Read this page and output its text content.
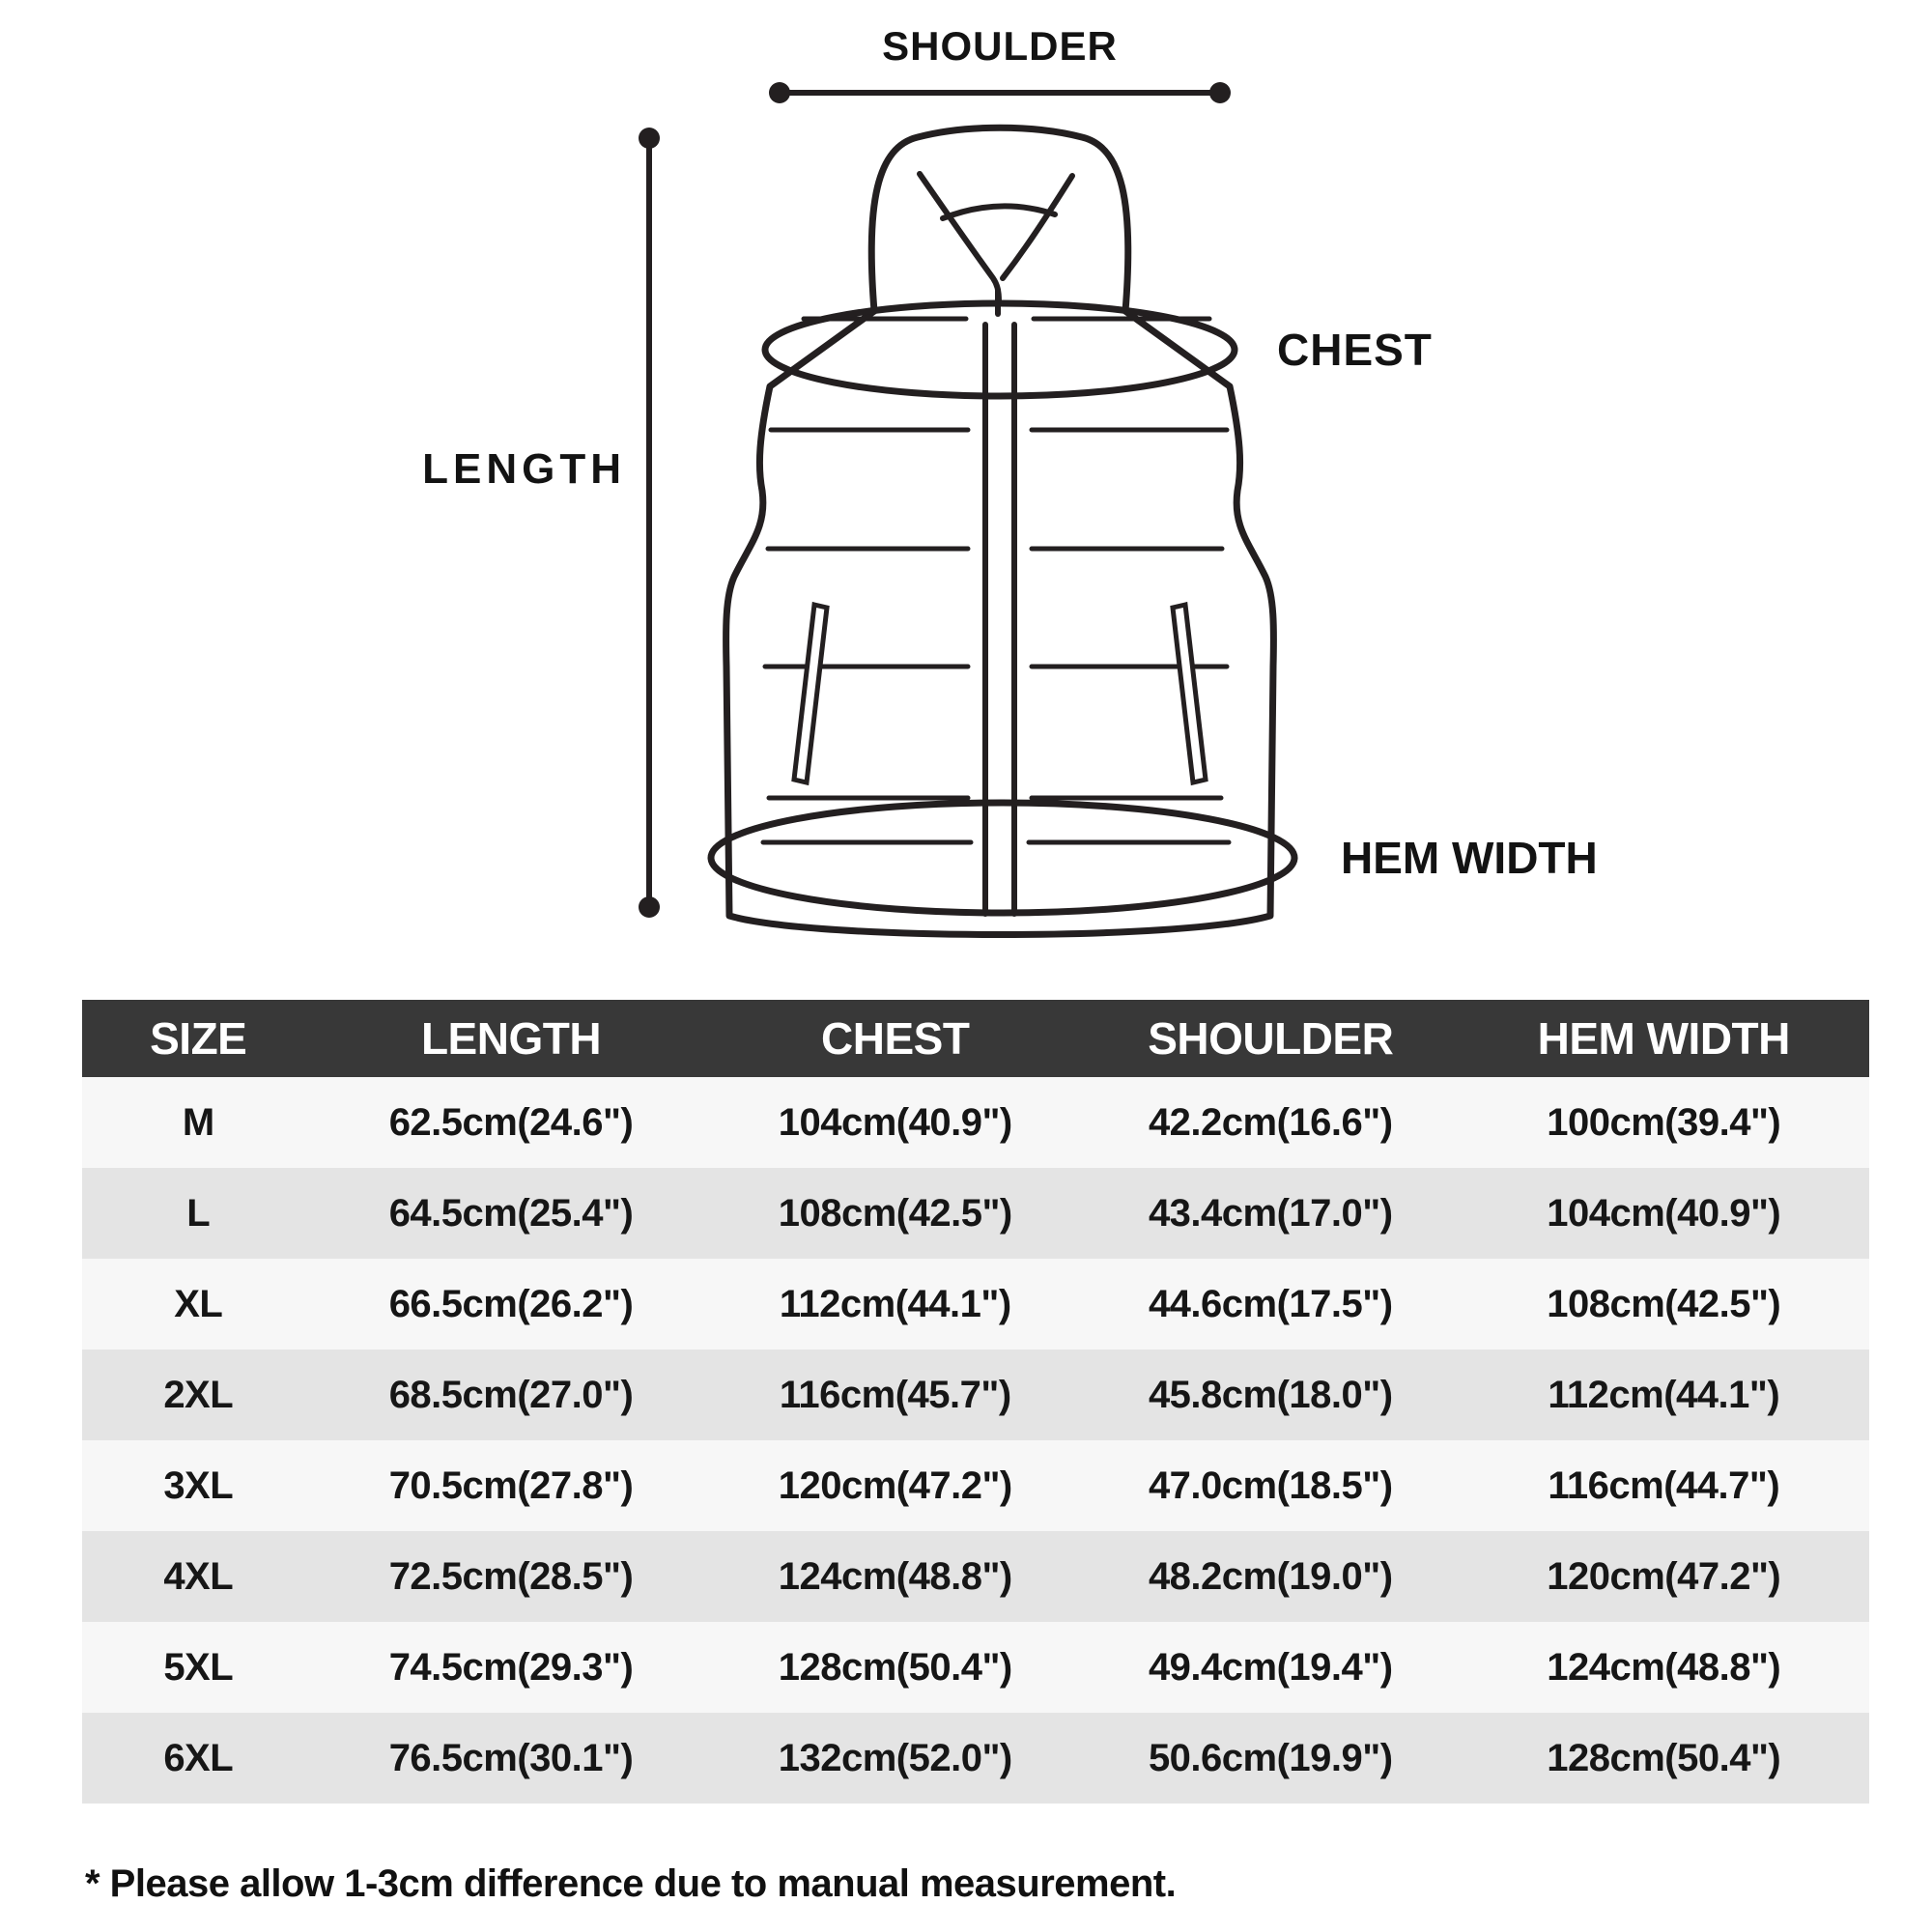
SHOULDER
LENGTH
CHEST
HEM WIDTH
SIZE	LENGTH	CHEST	SHOULDER	HEM WIDTH
M	62.5cm(24.6")	104cm(40.9")	42.2cm(16.6")	100cm(39.4")
L	64.5cm(25.4")	108cm(42.5")	43.4cm(17.0")	104cm(40.9")
XL	66.5cm(26.2")	112cm(44.1")	44.6cm(17.5")	108cm(42.5")
2XL	68.5cm(27.0")	116cm(45.7")	45.8cm(18.0")	112cm(44.1")
3XL	70.5cm(27.8")	120cm(47.2")	47.0cm(18.5")	116cm(44.7")
4XL	72.5cm(28.5")	124cm(48.8")	48.2cm(19.0")	120cm(47.2")
5XL	74.5cm(29.3")	128cm(50.4")	49.4cm(19.4")	124cm(48.8")
6XL	76.5cm(30.1")	132cm(52.0")	50.6cm(19.9")	128cm(50.4")
* Please allow 1-3cm difference due to manual measurement.
